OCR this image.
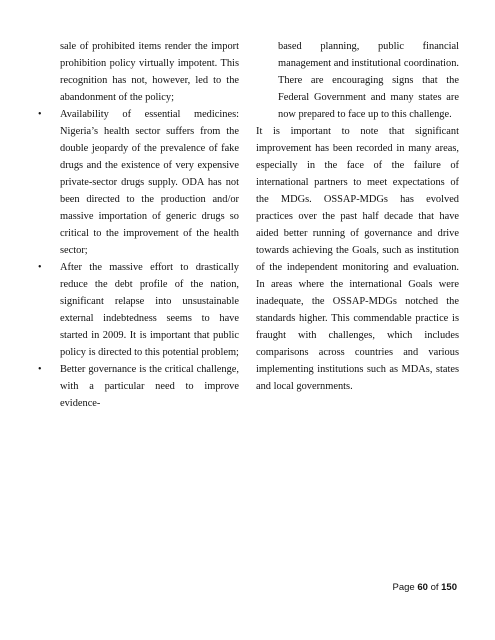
sale of prohibited items render the import prohibition policy virtually impotent. This recognition has not, however, led to the abandonment of the policy;

• Availability of essential medicines: Nigeria’s health sector suffers from the double jeopardy of the prevalence of fake drugs and the existence of very expensive private-sector drugs supply. ODA has not been directed to the production and/or massive importation of generic drugs so critical to the improvement of the health sector;

• After the massive effort to drastically reduce the debt profile of the nation, significant relapse into unsustainable external indebtedness seems to have started in 2009. It is important that public policy is directed to this potential problem;

• Better governance is the critical challenge, with a particular need to improve evidence-

based planning, public financial management and institutional coordination. There are encouraging signs that the Federal Government and many states are now prepared to face up to this challenge.

It is important to note that significant improvement has been recorded in many areas, especially in the face of the failure of international partners to meet expectations of the MDGs. OSSAP-MDGs has evolved practices over the past half decade that have aided better running of governance and drive towards achieving the Goals, such as institution of the independent monitoring and evaluation. In areas where the international Goals were inadequate, the OSSAP-MDGs notched the standards higher. This commendable practice is fraught with challenges, which includes comparisons across countries and various implementing institutions such as MDAs, states and local governments.

Page 60 of 150
